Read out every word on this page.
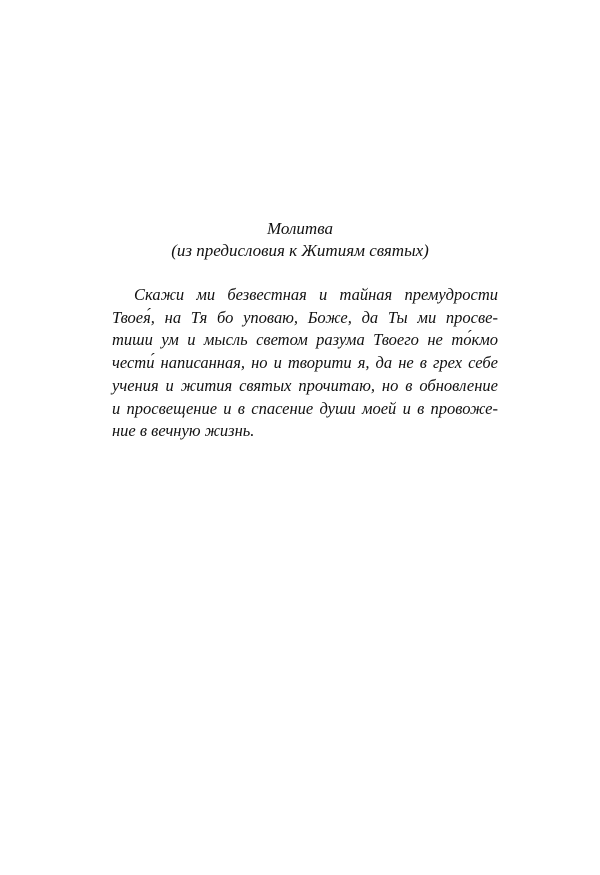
Молитва
(из предисловия к Житиям святых)
Скажи ми безвестная и тайная премудрости
Твоея́, на Тя бо уповаю, Боже, да Ты ми просве-
тиши ум и мысль светом разума Твоего не то́кмо
чести́ написанная, но и творити я, да не в грех себе
учения и жития святых прочитаю, но в обновление
и просвещение и в спасение души моей и в провоже-
ние в вечную жизнь.
